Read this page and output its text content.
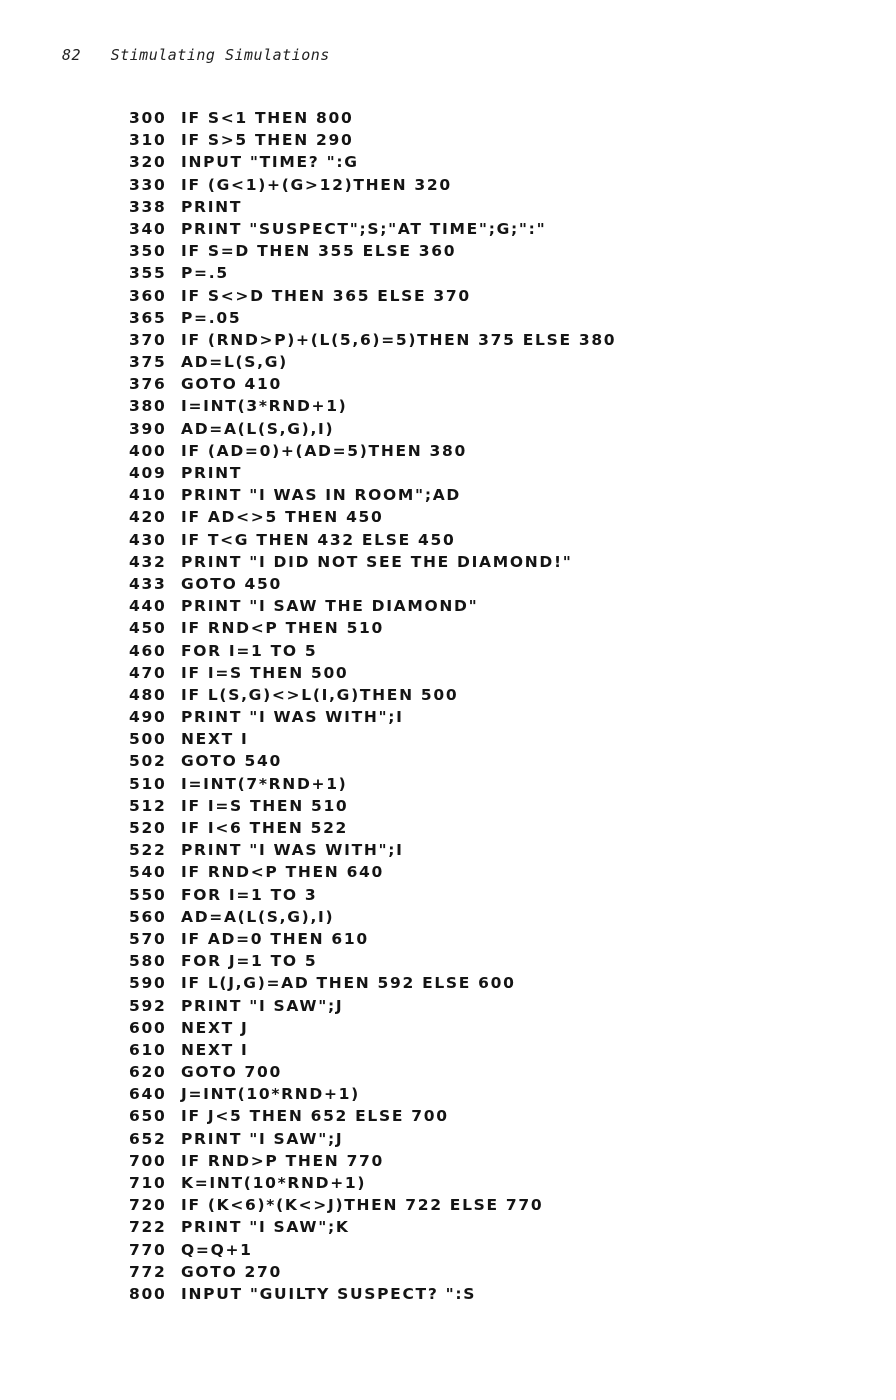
82 Stimulating Simulations
300 IF S<1 THEN 800
310 IF S>5 THEN 290
320 INPUT "TIME? ":G
330 IF (G<1)+(G>12)THEN 320
338 PRINT
340 PRINT "SUSPECT";S;"AT TIME";G;":"
350 IF S=D THEN 355 ELSE 360
355 P=.5
360 IF S<>D THEN 365 ELSE 370
365 P=.05
370 IF (RND>P)+(L(5,6)=5)THEN 375 ELSE 380
375 AD=L(S,G)
376 GOTO 410
380 I=INT(3*RND+1)
390 AD=A(L(S,G),I)
400 IF (AD=0)+(AD=5)THEN 380
409 PRINT
410 PRINT "I WAS IN ROOM";AD
420 IF AD<>5 THEN 450
430 IF T<G THEN 432 ELSE 450
432 PRINT "I DID NOT SEE THE DIAMOND!"
433 GOTO 450
440 PRINT "I SAW THE DIAMOND"
450 IF RND<P THEN 510
460 FOR I=1 TO 5
470 IF I=S THEN 500
480 IF L(S,G)<>L(I,G)THEN 500
490 PRINT "I WAS WITH";I
500 NEXT I
502 GOTO 540
510 I=INT(7*RND+1)
512 IF I=S THEN 510
520 IF I<6 THEN 522
522 PRINT "I WAS WITH";I
540 IF RND<P THEN 640
550 FOR I=1 TO 3
560 AD=A(L(S,G),I)
570 IF AD=0 THEN 610
580 FOR J=1 TO 5
590 IF L(J,G)=AD THEN 592 ELSE 600
592 PRINT "I SAW";J
600 NEXT J
610 NEXT I
620 GOTO 700
640 J=INT(10*RND+1)
650 IF J<5 THEN 652 ELSE 700
652 PRINT "I SAW";J
700 IF RND>P THEN 770
710 K=INT(10*RND+1)
720 IF (K<6)*(K<>J)THEN 722 ELSE 770
722 PRINT "I SAW";K
770 Q=Q+1
772 GOTO 270
800 INPUT "GUILTY SUSPECT? ":S
